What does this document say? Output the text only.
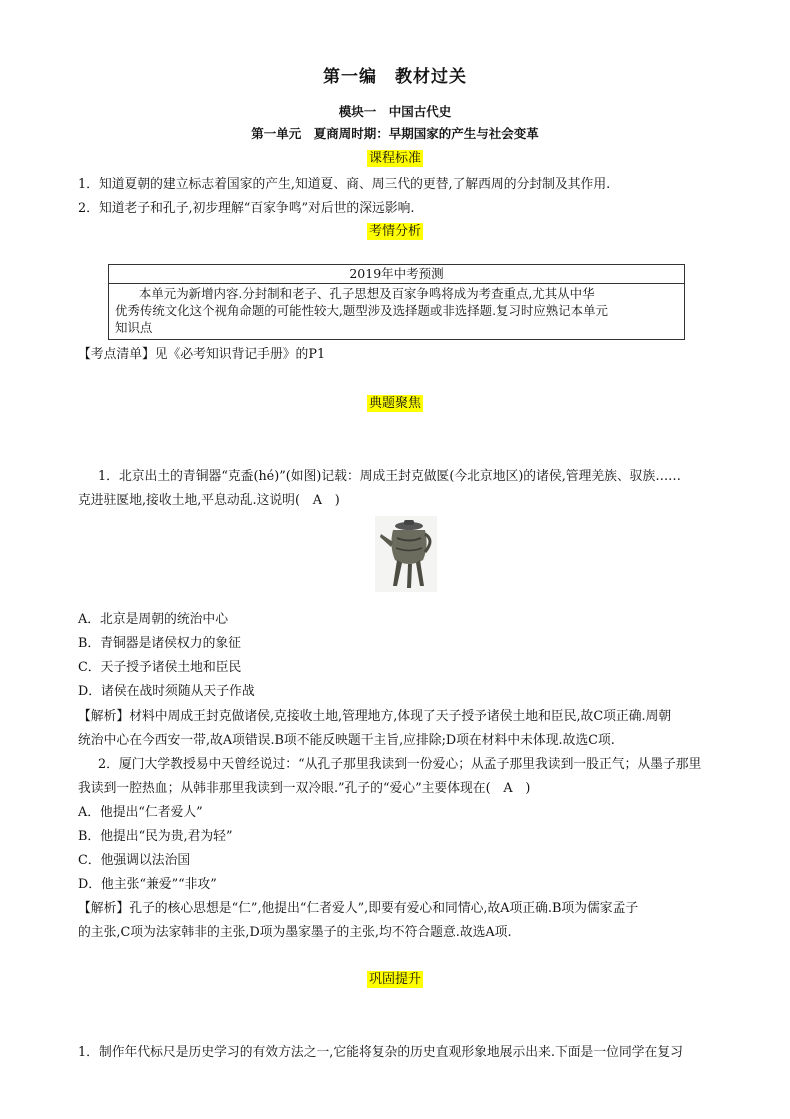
第一编　教材过关
模块一　中国古代史
第一单元　夏商周时期：早期国家的产生与社会变革
课程标准
1．知道夏朝的建立标志着国家的产生,知道夏、商、周三代的更替,了解西周的分封制及其作用.
2．知道老子和孔子,初步理解“百家争鸣”对后世的深远影响.
考情分析
2019年中考预测
本单元为新增内容.分封制和老子、孔子思想及百家争鸣将成为考查重点,尤其从中华
优秀传统文化这个视角命题的可能性较大,题型涉及选择题或非选择题.复习时应熟记本单元
知识点
【考点清单】见《必考知识背记手册》的P1
典题聚焦
1．北京出土的青铜器“克盉(hé)”(如图)记载：周成王封克做匽(今北京地区)的诸侯,管理羌族、驭族……
克进驻匽地,接收土地,平息动乱.这说明(　A　)
A．北京是周朝的统治中心
B．青铜器是诸侯权力的象征
C．天子授予诸侯土地和臣民
D．诸侯在战时须随从天子作战
【解析】材料中周成王封克做诸侯,克接收土地,管理地方,体现了天子授予诸侯土地和臣民,故C项正确.周朝
统治中心在今西安一带,故A项错误.B项不能反映题干主旨,应排除;D项在材料中未体现.故选C项.
2．厦门大学教授易中天曾经说过：“从孔子那里我读到一份爱心；从孟子那里我读到一股正气；从墨子那里
我读到一腔热血；从韩非那里我读到一双冷眼.”孔子的“爱心”主要体现在(　A　)
A．他提出“仁者爱人”
B．他提出“民为贵,君为轻”
C．他强调以法治国
D．他主张“兼爱”“非攻”
【解析】孔子的核心思想是“仁”,他提出“仁者爱人”,即要有爱心和同情心,故A项正确.B项为儒家孟子
的主张,C项为法家韩非的主张,D项为墨家墨子的主张,均不符合题意.故选A项.
巩固提升
1．制作年代标尺是历史学习的有效方法之一,它能将复杂的历史直观形象地展示出来.下面是一位同学在复习
